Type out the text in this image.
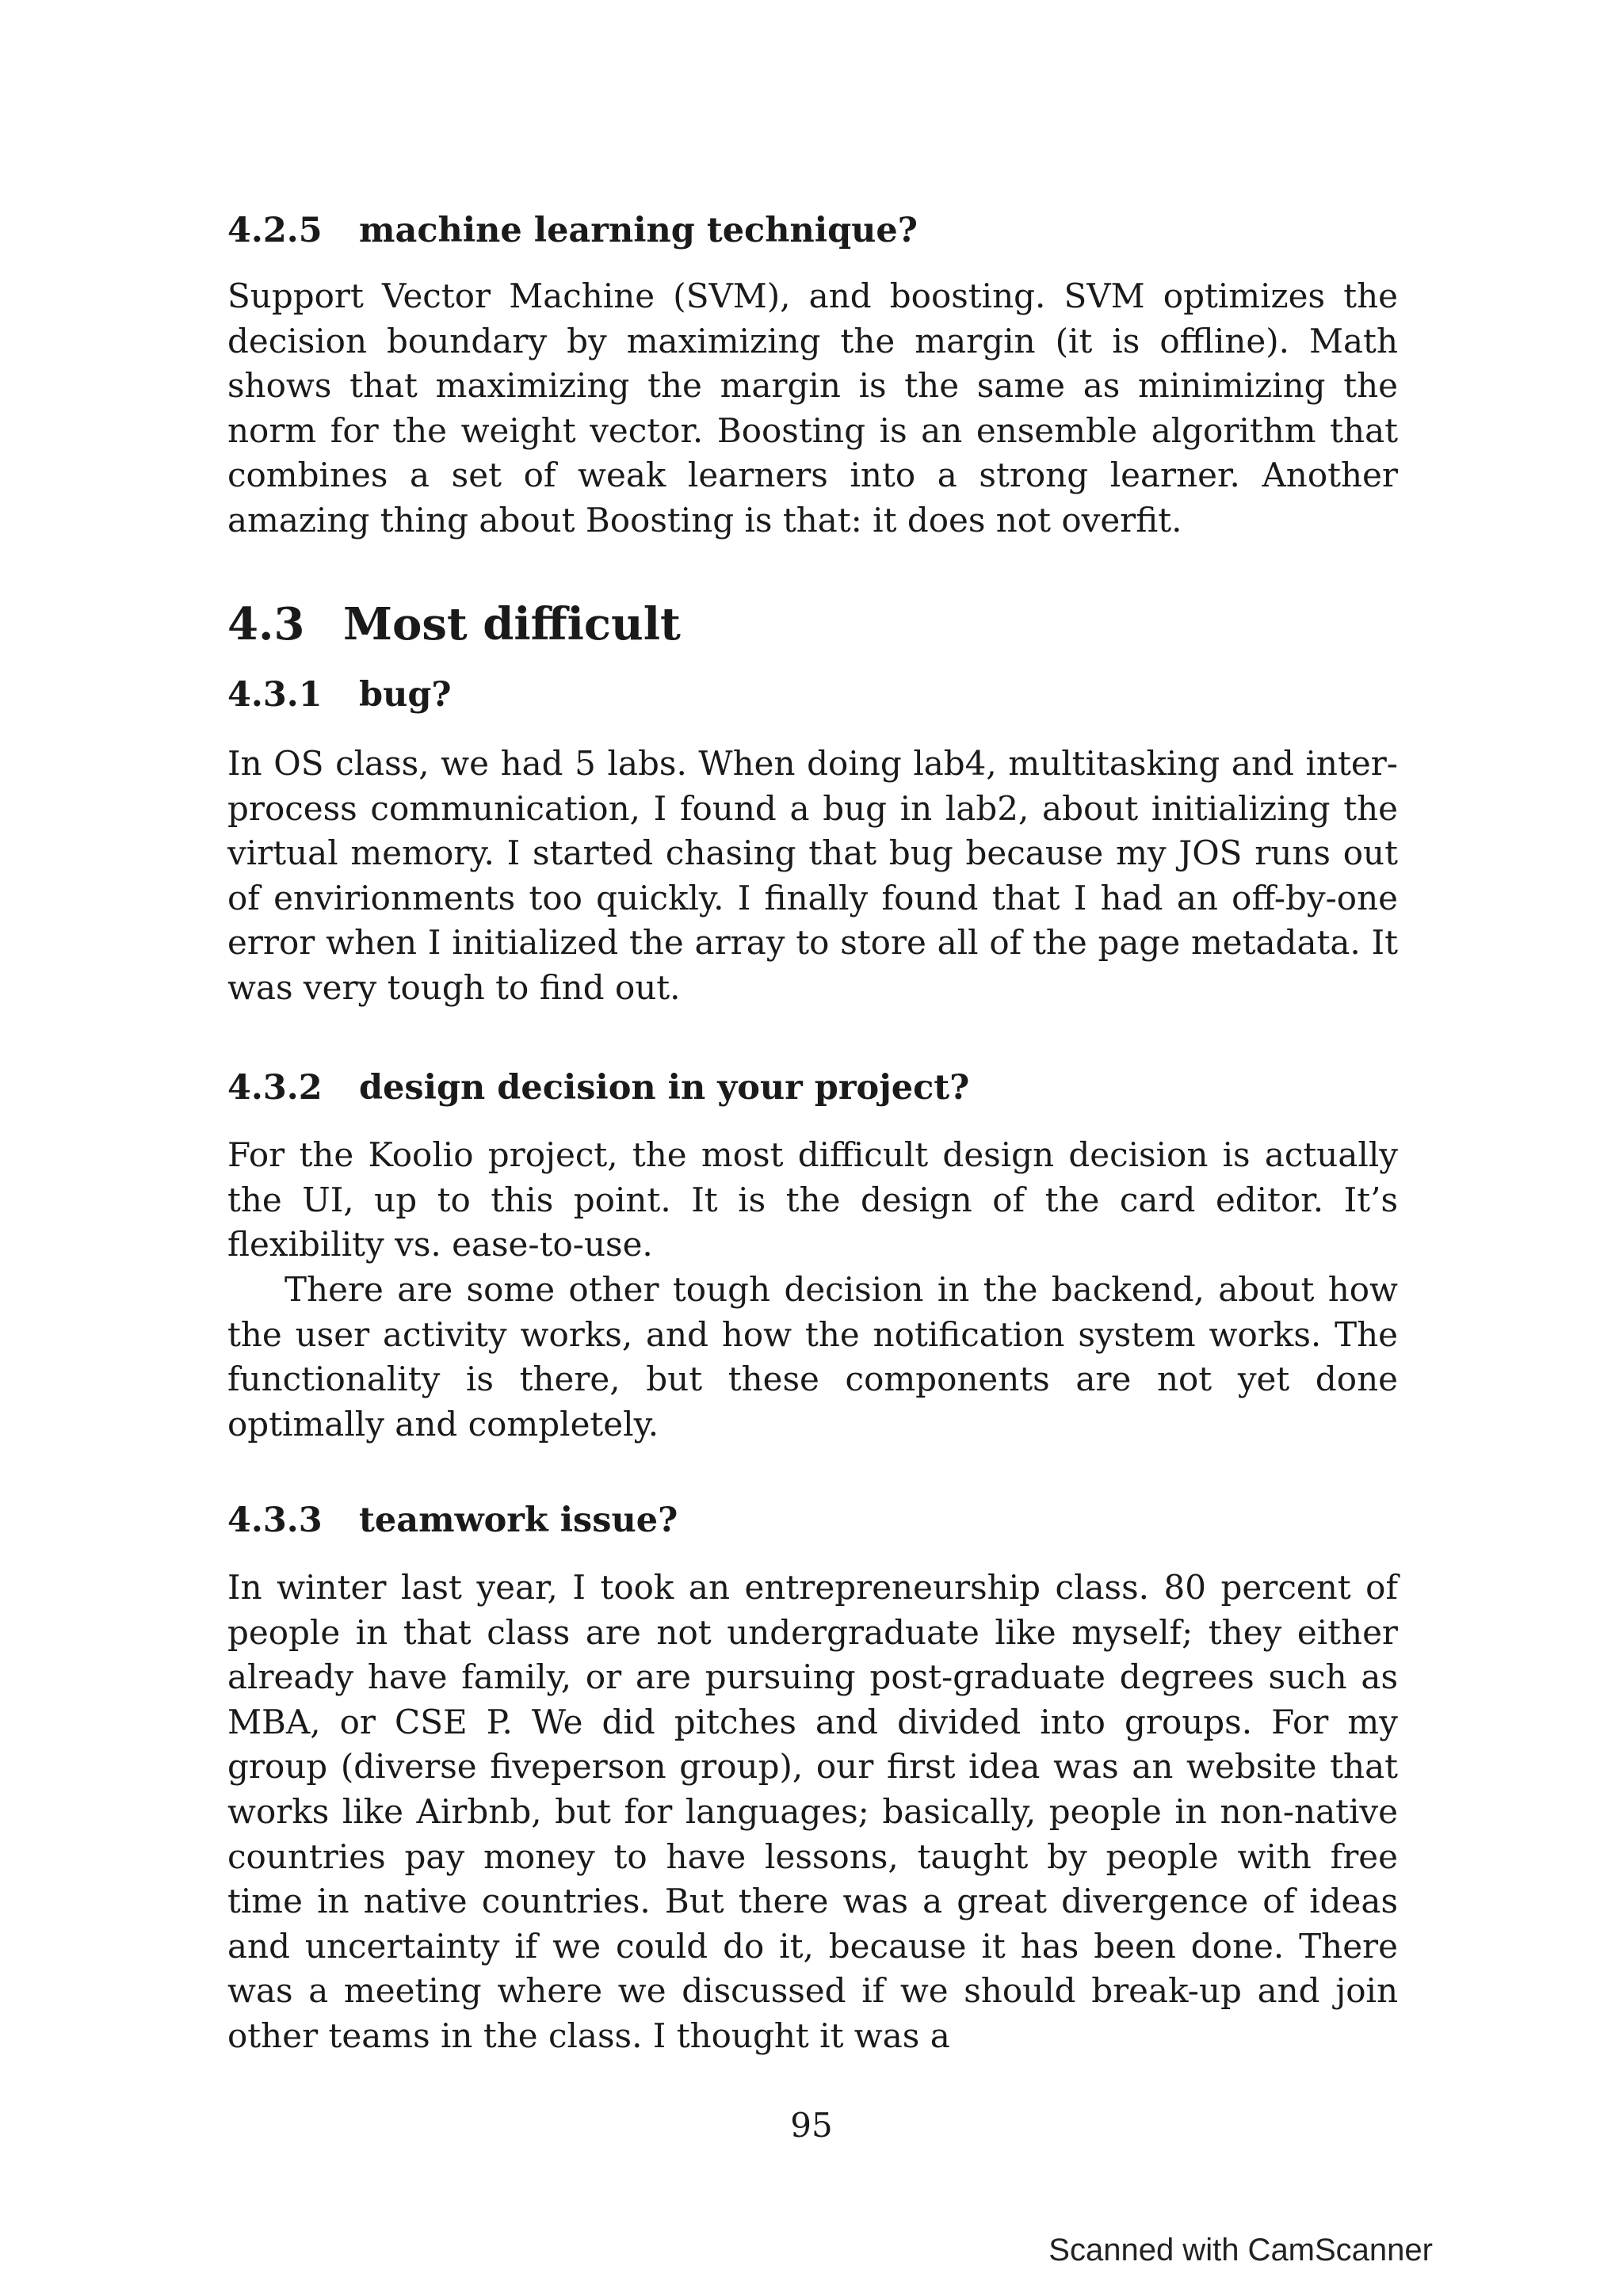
4.2.5 machine learning technique?

Support Vector Machine (SVM), and boosting. SVM optimizes the decision boundary by maximizing the margin (it is offline). Math shows that maximizing the margin is the same as minimizing the norm for the weight vector. Boosting is an ensemble algorithm that combines a set of weak learners into a strong learner. Another amazing thing about Boosting is that: it does not overfit.

4.3 Most difficult
4.3.1 bug?

In OS class, we had 5 labs. When doing lab4, multitasking and inter-process communication, I found a bug in lab2, about initializing the virtual memory. I started chasing that bug because my JOS runs out of envirionments too quickly. I finally found that I had an off-by-one error when I initialized the array to store all of the page metadata. It was very tough to find out.

4.3.2 design decision in your project?

For the Koolio project, the most difficult design decision is actually the UI, up to this point. It is the design of the card editor. It’s flexibility vs. ease-to-use.

There are some other tough decision in the backend, about how the user activity works, and how the notification system works. The functionality is there, but these components are not yet done optimally and completely.

4.3.3 teamwork issue?

In winter last year, I took an entrepreneurship class. 80 percent of people in that class are not undergraduate like myself; they either already have family, or are pursuing post-graduate degrees such as MBA, or CSE P. We did pitches and divided into groups. For my group (diverse fiveperson group), our first idea was an website that works like Airbnb, but for languages; basically, people in non-native countries pay money to have lessons, taught by people with free time in native countries. But there was a great divergence of ideas and uncertainty if we could do it, because it has been done. There was a meeting where we discussed if we should break-up and join other teams in the class. I thought it was a

95
Scanned with CamScanner
